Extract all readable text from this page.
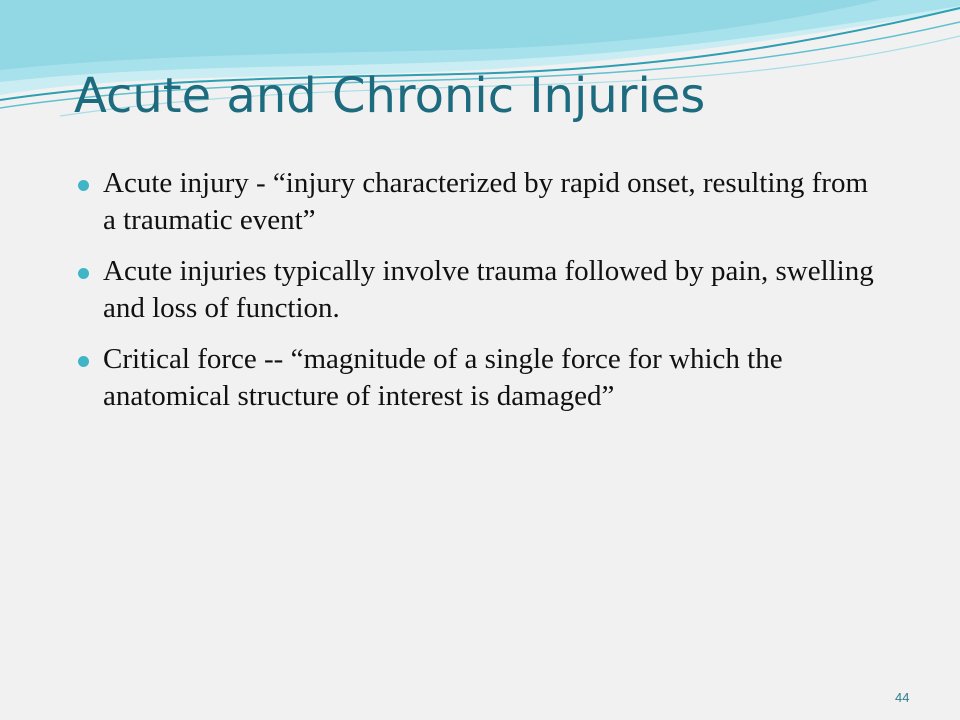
Acute and Chronic Injuries
Acute injury - “injury characterized by rapid onset, resulting from a traumatic event”
Acute injuries typically involve trauma followed by pain, swelling and loss of function.
Critical force -- “magnitude of a single force for which the anatomical structure of interest is damaged”
44
